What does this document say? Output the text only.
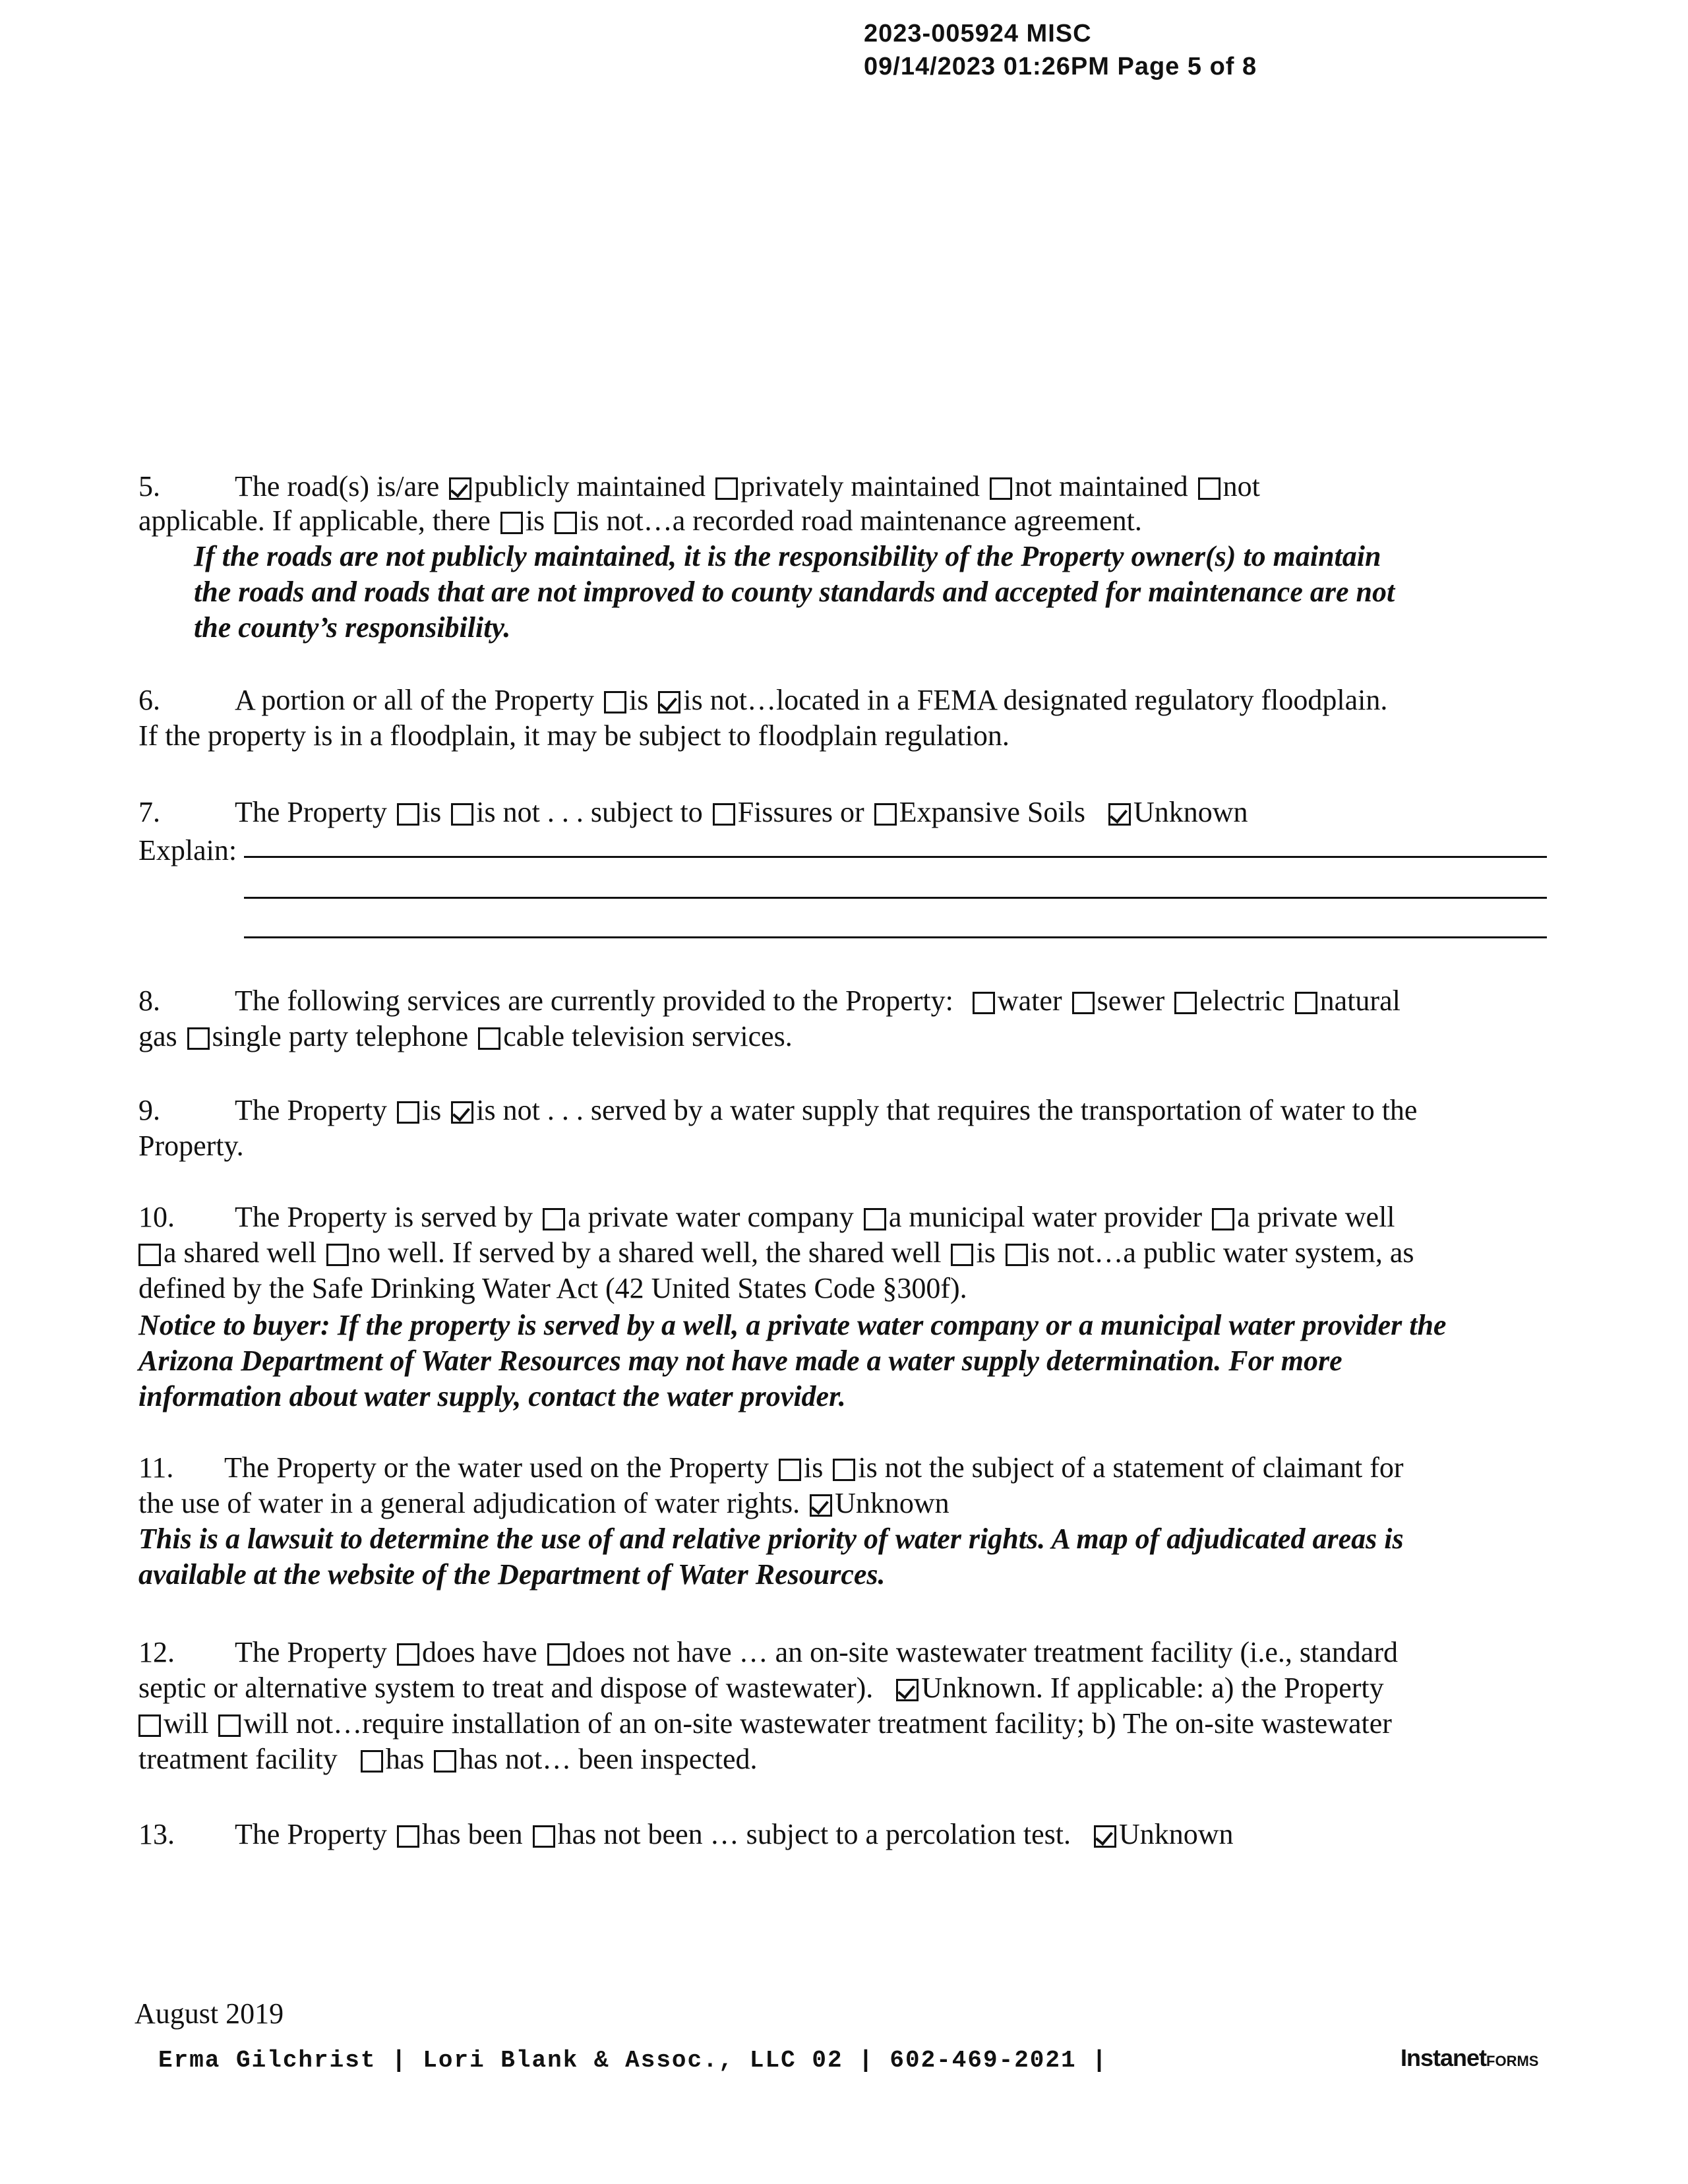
2023-005924 MISC
09/14/2023 01:26PM Page 5 of 8
5.	The road(s) is/are publicly maintained privately maintained not maintained not
applicable. If applicable, there is is not…a recorded road maintenance agreement.
If the roads are not publicly maintained, it is the responsibility of the Property owner(s) to maintain
the roads and roads that are not improved to county standards and accepted for maintenance are not
the county’s responsibility.
6.	A portion or all of the Property is is not…located in a FEMA designated regulatory floodplain.
If the property is in a floodplain, it may be subject to floodplain regulation.
7.	The Property is is not . . . subject to Fissures or Expansive Soils Unknown
Explain:
8.	The following services are currently provided to the Property: water sewer electric natural
gas single party telephone cable television services.
9.	The Property is is not . . . served by a water supply that requires the transportation of water to the
Property.
10. The Property is served by a private water company a municipal water provider a private well
a shared well no well. If served by a shared well, the shared well is is not…a public water system, as
defined by the Safe Drinking Water Act (42 United States Code §300f).
Notice to buyer: If the property is served by a well, a private water company or a municipal water provider the
Arizona Department of Water Resources may not have made a water supply determination. For more
information about water supply, contact the water provider.
11. The Property or the water used on the Property is is not the subject of a statement of claimant for
the use of water in a general adjudication of water rights. Unknown
This is a lawsuit to determine the use of and relative priority of water rights. A map of adjudicated areas is
available at the website of the Department of Water Resources.
12. The Property does have does not have … an on-site wastewater treatment facility (i.e., standard
septic or alternative system to treat and dispose of wastewater). Unknown. If applicable: a) the Property
will will not…require installation of an on-site wastewater treatment facility; b) The on-site wastewater
treatment facility has has not… been inspected.
13. The Property has been has not been … subject to a percolation test. Unknown
August 2019
Erma Gilchrist | Lori Blank & Assoc., LLC 02 | 602-469-2021 |	InstanetFORMS
